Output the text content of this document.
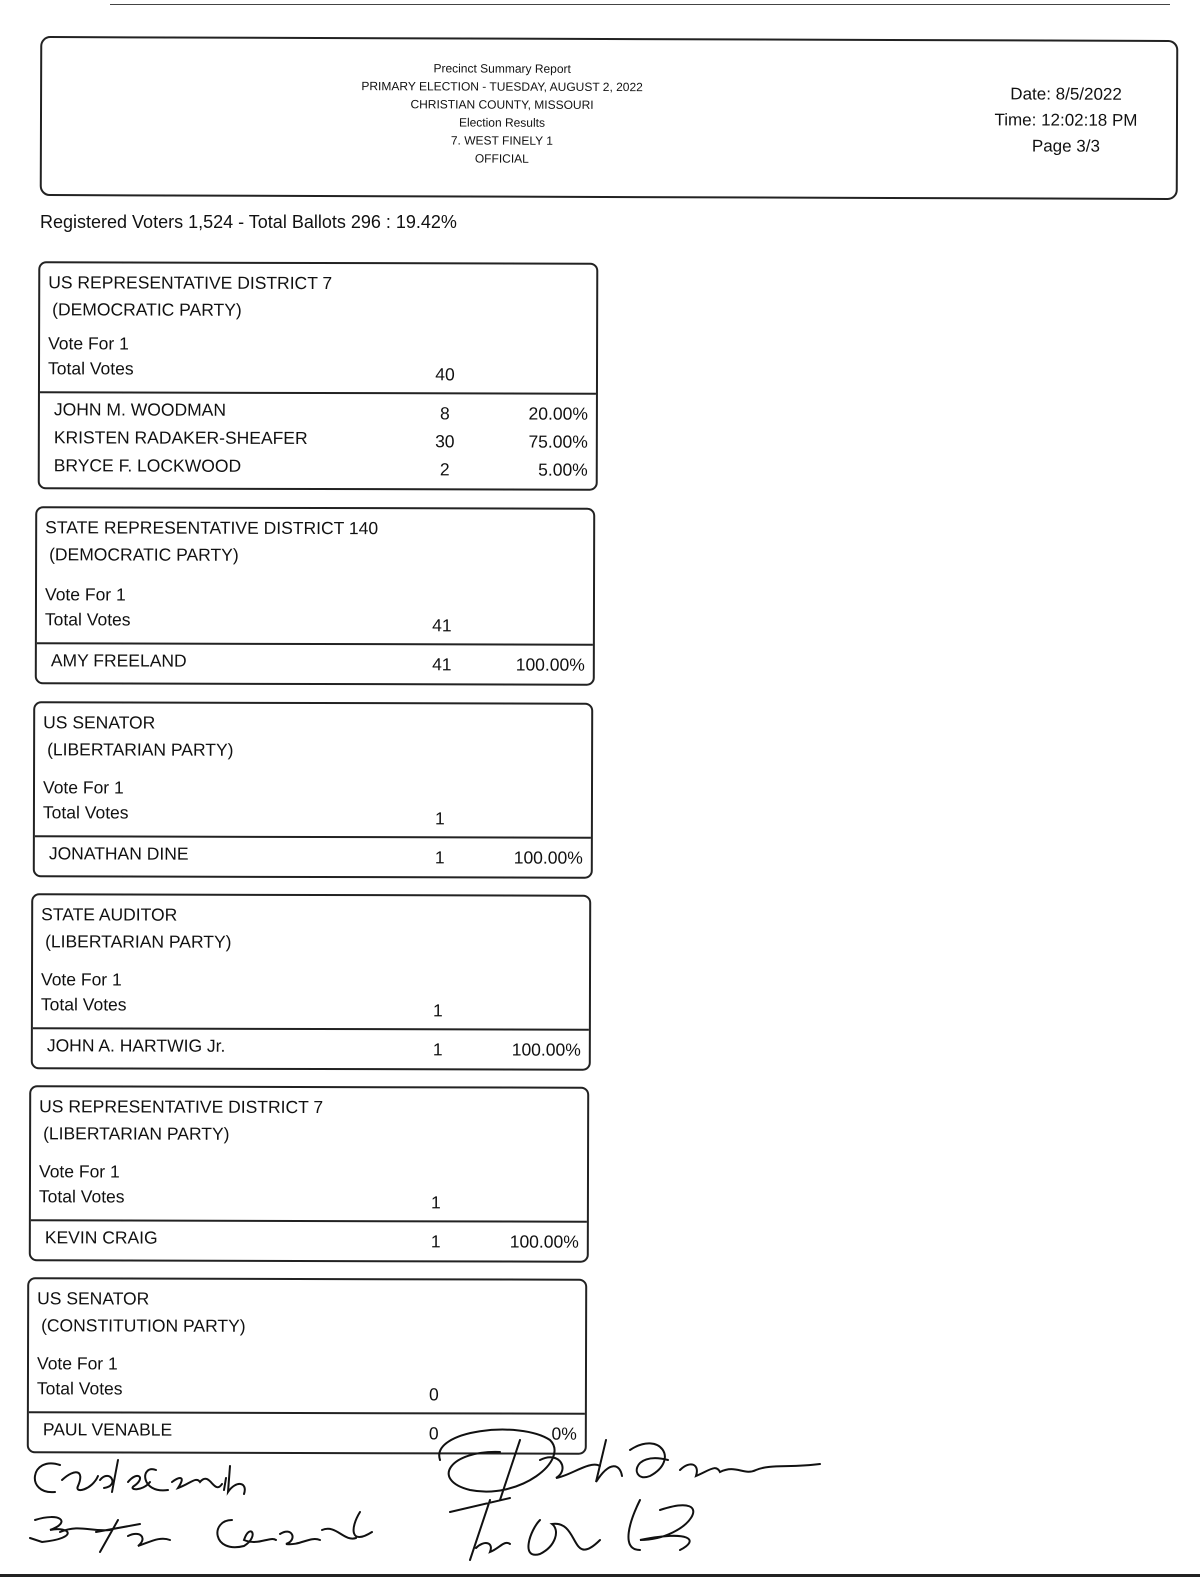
Precinct Summary Report
PRIMARY ELECTION - TUESDAY, AUGUST 2, 2022
CHRISTIAN COUNTY, MISSOURI
Election Results
7. WEST FINELY 1
OFFICIAL
Date: 8/5/2022
Time: 12:02:18 PM
Page 3/3
Registered Voters 1,524 - Total Ballots 296 : 19.42%
US REPRESENTATIVE DISTRICT 7
(DEMOCRATIC PARTY)
Vote For 1
Total Votes	40
JOHN M. WOODMAN	8	20.00%
KRISTEN RADAKER-SHEAFER	30	75.00%
BRYCE F. LOCKWOOD	2	5.00%
STATE REPRESENTATIVE DISTRICT 140
(DEMOCRATIC PARTY)
Vote For 1
Total Votes	41
AMY FREELAND	41	100.00%
US SENATOR
(LIBERTARIAN PARTY)
Vote For 1
Total Votes	1
JONATHAN DINE	1	100.00%
STATE AUDITOR
(LIBERTARIAN PARTY)
Vote For 1
Total Votes	1
JOHN A. HARTWIG Jr.	1	100.00%
US REPRESENTATIVE DISTRICT 7
(LIBERTARIAN PARTY)
Vote For 1
Total Votes	1
KEVIN CRAIG	1	100.00%
US SENATOR
(CONSTITUTION PARTY)
Vote For 1
Total Votes	0
PAUL VENABLE	0	0%
